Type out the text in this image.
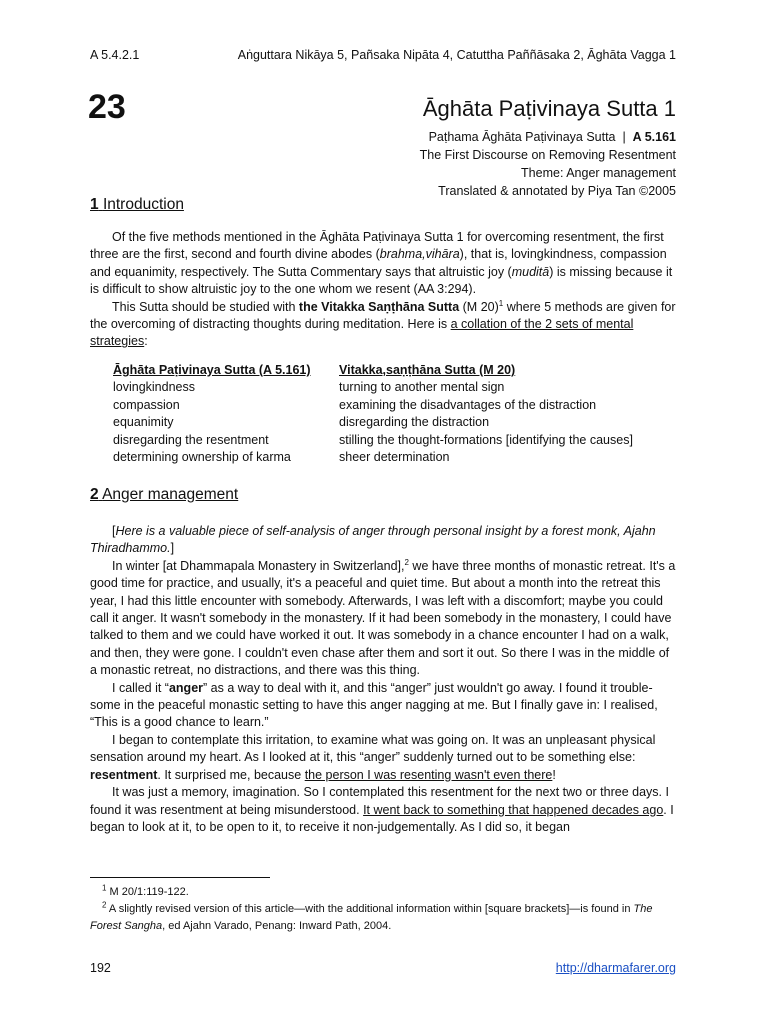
A 5.4.2.1	Aṅguttara Nikāya 5, Pañsaka Nipāta 4, Catuttha Paññāsaka 2, Āghāta Vagga 1
23	Āghāta Paṭivinaya Sutta 1
Paṭhama Āghāta Paṭivinaya Sutta | A 5.161
The First Discourse on Removing Resentment
Theme: Anger management
Translated & annotated by Piya Tan ©2005
1 Introduction

Of the five methods mentioned in the Āghāta Paṭivinaya Sutta 1 for overcoming resentment, the first three are the first, second and fourth divine abodes (brahma,vihāra), that is, lovingkindness, compassion and equanimity, respectively. The Sutta Commentary says that altruistic joy (muditā) is missing because it is difficult to show altruistic joy to the one whom we resent (AA 3:294).

This Sutta should be studied with the Vitakka Saṇṭhāna Sutta (M 20)$^1$ where 5 methods are given for the overcoming of distracting thoughts during meditation. Here is a collation of the 2 sets of mental strategies:

Āghāta Paṭivinaya Sutta (A 5.161)	Vitakka,saṇṭhāna Sutta (M 20)
lovingkindness	turning to another mental sign
compassion	examining the disadvantages of the distraction
equanimity	disregarding the distraction
disregarding the resentment	stilling the thought-formations [identifying the causes]
determining ownership of karma	sheer determination
2 Anger management

[Here is a valuable piece of self-analysis of anger through personal insight by a forest monk, Ajahn Thiradhammo.]

In winter [at Dhammapala Monastery in Switzerland],$^2$ we have three months of monastic retreat. It's a good time for practice, and usually, it's a peaceful and quiet time. But about a month into the retreat this year, I had this little encounter with somebody. Afterwards, I was left with a discomfort; maybe you could call it anger. It wasn't somebody in the monastery. If it had been somebody in the monastery, I could have talked to them and we could have worked it out. It was somebody in a chance encounter I had on a walk, and then, they were gone. I couldn't even chase after them and sort it out. So there I was in the middle of a monastic retreat, no distractions, and there was this thing.

I called it “anger” as a way to deal with it, and this “anger” just wouldn't go away. I found it trouble-some in the peaceful monastic setting to have this anger nagging at me. But I finally gave in: I realised, “This is a good chance to learn.”

I began to contemplate this irritation, to examine what was going on. It was an unpleasant physical sensation around my heart. As I looked at it, this “anger” suddenly turned out to be something else: resentment. It surprised me, because the person I was resenting wasn't even there!

It was just a memory, imagination. So I contemplated this resentment for the next two or three days. I found it was resentment at being misunderstood. It went back to something that happened decades ago. I began to look at it, to be open to it, to receive it non-judgementally. As I did so, it began

$^1$ M 20/1:119-122.
$^2$ A slightly revised version of this article—with the additional information within [square brackets]—is found in The Forest Sangha, ed Ajahn Varado, Penang: Inward Path, 2004.
192	http://dharmafarer.org
